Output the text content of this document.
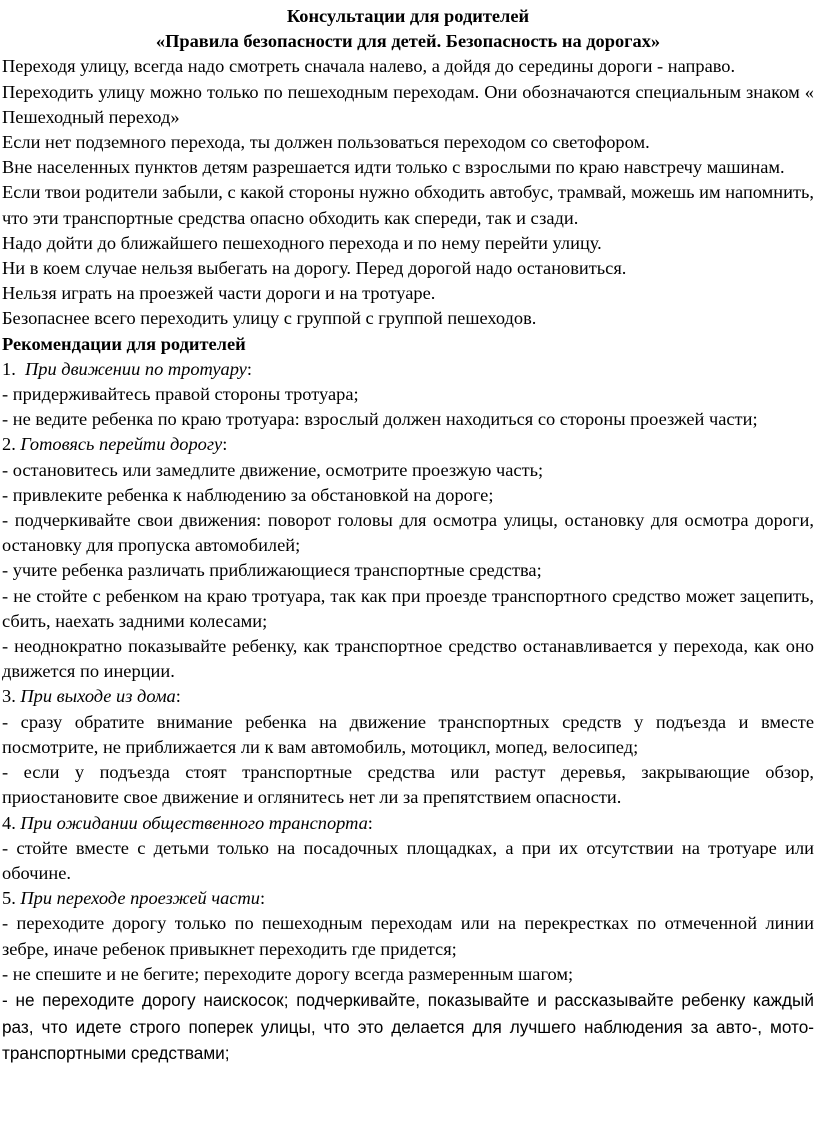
Консультации для родителей

«Правила безопасности для детей. Безопасность на дорогах»

Переходя улицу, всегда надо смотреть сначала налево, а дойдя до середины дороги - направо.

Переходить улицу можно только по пешеходным переходам. Они обозначаются специальным знаком « Пешеходный переход»

Если нет подземного перехода, ты должен пользоваться переходом со светофором.

Вне населенных пунктов детям разрешается идти только с взрослыми по краю навстречу машинам.

Если твои родители забыли, с какой стороны нужно обходить автобус, трамвай, можешь им напомнить, что эти транспортные средства опасно обходить как спереди, так и сзади.

Надо дойти до ближайшего пешеходного перехода и по нему перейти улицу.

Ни в коем случае нельзя выбегать на дорогу. Перед дорогой надо остановиться.

Нельзя играть на проезжей части дороги и на тротуаре.

Безопаснее всего переходить улицу с группой с группой пешеходов.

Рекомендации для родителей

1. При движении по тротуару:

- придерживайтесь правой стороны тротуара;

- не ведите ребенка по краю тротуара: взрослый должен находиться со стороны проезжей части;

2. Готовясь перейти дорогу:

- остановитесь или замедлите движение, осмотрите проезжую часть;

- привлеките ребенка к наблюдению за обстановкой на дороге;

- подчеркивайте свои движения: поворот головы для осмотра улицы, остановку для осмотра дороги, остановку для пропуска автомобилей;

- учите ребенка различать приближающиеся транспортные средства;

- не стойте с ребенком на краю тротуара, так как при проезде транспортного средство может зацепить, сбить, наехать задними колесами;

- неоднократно показывайте ребенку, как транспортное средство останавливается у перехода, как оно движется по инерции.

3. При выходе из дома:

- сразу обратите внимание ребенка на движение транспортных средств у подъезда и вместе посмотрите, не приближается ли к вам автомобиль, мотоцикл, мопед, велосипед;

- если у подъезда стоят транспортные средства или растут деревья, закрывающие обзор, приостановите свое движение и оглянитесь нет ли за препятствием опасности.

4. При ожидании общественного транспорта:

- стойте вместе с детьми только на посадочных площадках, а при их отсутствии на тротуаре или обочине.

5. При переходе проезжей части:

- переходите дорогу только по пешеходным переходам или на перекрестках по отмеченной линии зебре, иначе ребенок привыкнет переходить где придется;

- не спешите и не бегите; переходите дорогу всегда размеренным шагом;

- не переходите дорогу наискосок; подчеркивайте, показывайте и рассказывайте ребенку каждый раз, что идете строго поперек улицы, что это делается для лучшего наблюдения за авто-, мото- транспортными средствами;
